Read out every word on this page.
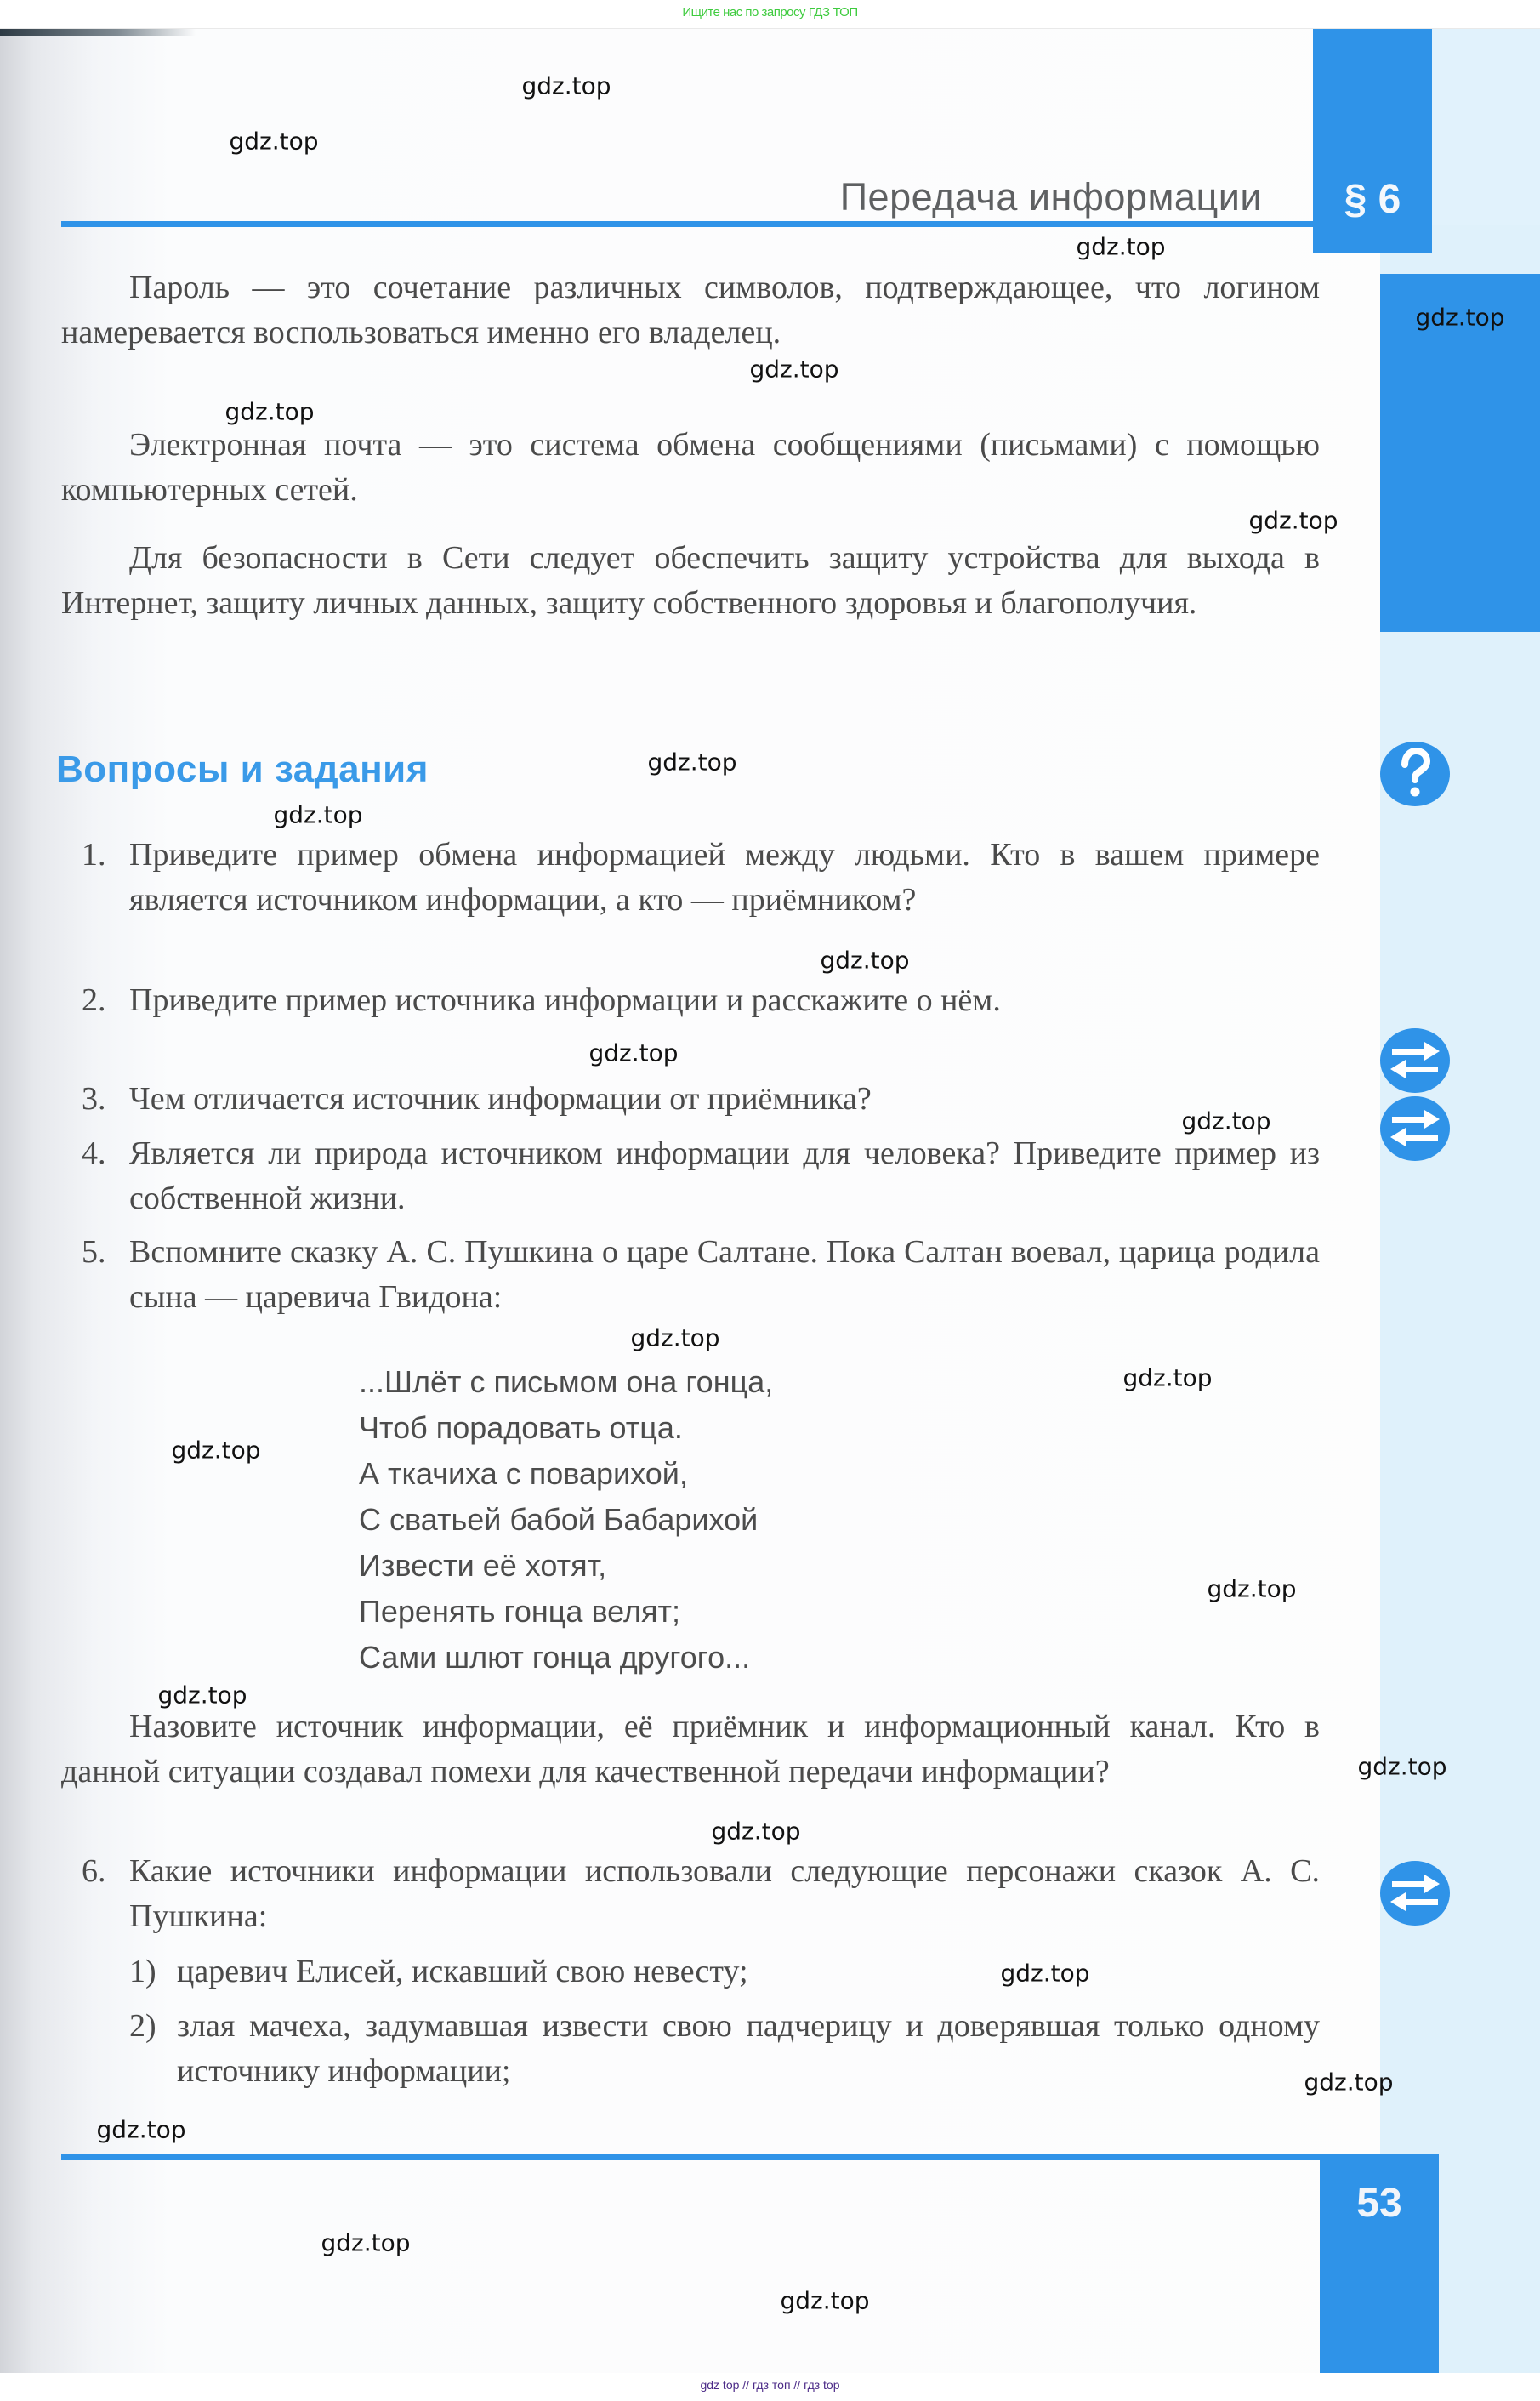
Ищите нас по запросу ГДЗ ТОП
Передача информации	§ 6
Пароль — это сочетание различных символов, подтверждающее, что логином намеревается воспользоваться именно его владелец.
Электронная почта — это система обмена сообщениями (письмами) с помощью компьютерных сетей.
Для безопасности в Сети следует обеспечить защиту устройства для выхода в Интернет, защиту личных данных, защиту собственного здоровья и благополучия.
Вопросы и задания
1. Приведите пример обмена информацией между людьми. Кто в вашем примере является источником информации, а кто — приёмником?
2. Приведите пример источника информации и расскажите о нём.
3. Чем отличается источник информации от приёмника?
4. Является ли природа источником информации для человека? Приведите пример из собственной жизни.
5. Вспомните сказку А. С. Пушкина о царе Салтане. Пока Салтан воевал, царица родила сына — царевича Гвидона:
...Шлёт с письмом она гонца,
Чтоб порадовать отца.
А ткачиха с поварихой,
С сватьей бабой Бабарихой
Извести её хотят,
Перенять гонца велят;
Сами шлют гонца другого...
Назовите источник информации, её приёмник и информационный канал. Кто в данной ситуации создавал помехи для качественной передачи информации?
6. Какие источники информации использовали следующие персонажи сказок А. С. Пушкина:
1) царевич Елисей, искавший свою невесту;
2) злая мачеха, задумавшая извести свою падчерицу и доверявшая только одному источнику информации;
53
gdz.top
gdz.top
gdz.top
gdz.top
gdz.top
gdz.top
gdz.top
gdz.top
gdz.top
gdz.top
gdz.top
gdz.top
gdz.top
gdz.top
gdz.top
gdz.top
gdz.top
gdz.top
gdz.top
gdz.top
gdz.top
gdz.top
gdz.top
gdz.top
gdz top // гдз топ // гдз top
